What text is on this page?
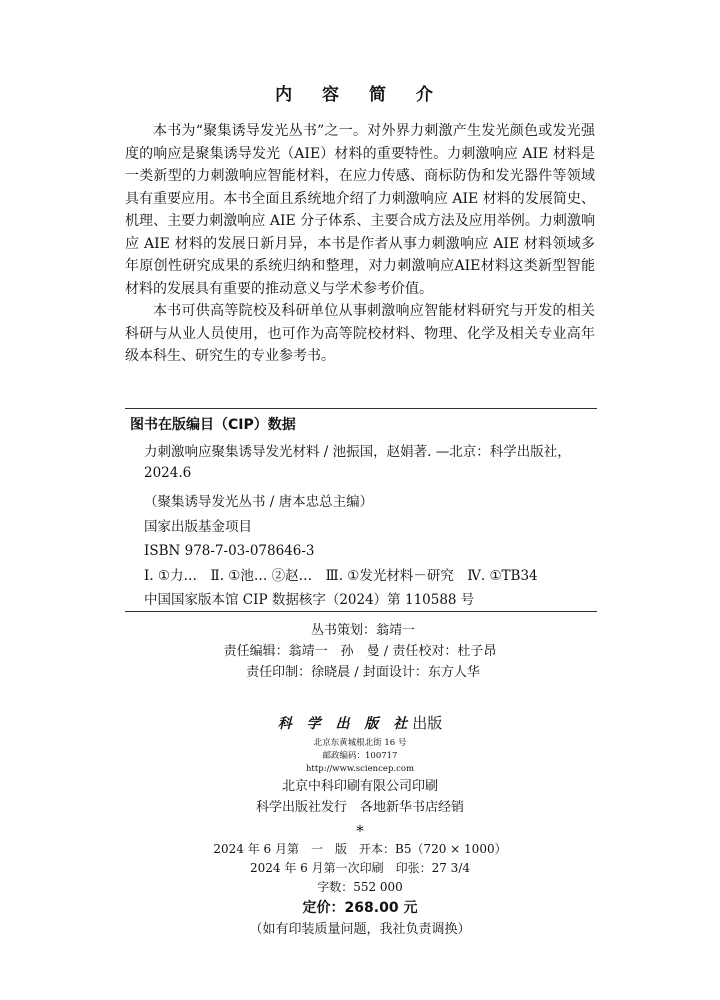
内 容 简 介

本书为“聚集诱导发光丛书”之一。对外界力刺激产生发光颜色或发光强度的响应是聚集诱导发光（AIE）材料的重要特性。力刺激响应 AIE 材料是一类新型的力刺激响应智能材料，在应力传感、商标防伪和发光器件等领域具有重要应用。本书全面且系统地介绍了力刺激响应 AIE 材料的发展简史、机理、主要力刺激响应 AIE 分子体系、主要合成方法及应用举例。力刺激响应 AIE 材料的发展日新月异，本书是作者从事力刺激响应 AIE 材料领域多年原创性研究成果的系统归纳和整理，对力刺激响应AIE材料这类新型智能材料的发展具有重要的推动意义与学术参考价值。

本书可供高等院校及科研单位从事刺激响应智能材料研究与开发的相关科研与从业人员使用，也可作为高等院校材料、物理、化学及相关专业高年级本科生、研究生的专业参考书。

图书在版编目（CIP）数据
力刺激响应聚集诱导发光材料 / 池振国，赵娟著. —北京：科学出版社，
2024.6
（聚集诱导发光丛书 / 唐本忠总主编）
国家出版基金项目
ISBN 978-7-03-078646-3
Ⅰ. ①力…　Ⅱ. ①池… ②赵…　Ⅲ. ①发光材料－研究　Ⅳ. ①TB34
中国国家版本馆 CIP 数据核字（2024）第 110588 号
丛书策划：翁靖一
责任编辑：翁靖一　孙　曼 / 责任校对：杜子昂
责任印制：徐晓晨 / 封面设计：东方人华
科 学 出 版 社出版
北京东黄城根北街 16 号
邮政编码：100717
http://www.sciencep.com
北京中科印刷有限公司印刷
科学出版社发行　各地新华书店经销
*
2024 年 6 月第　一　版　开本：B5（720 × 1000）
2024 年 6 月第一次印刷　印张：27 3/4
字数：552 000
定价：268.00 元
（如有印装质量问题，我社负责调换）
